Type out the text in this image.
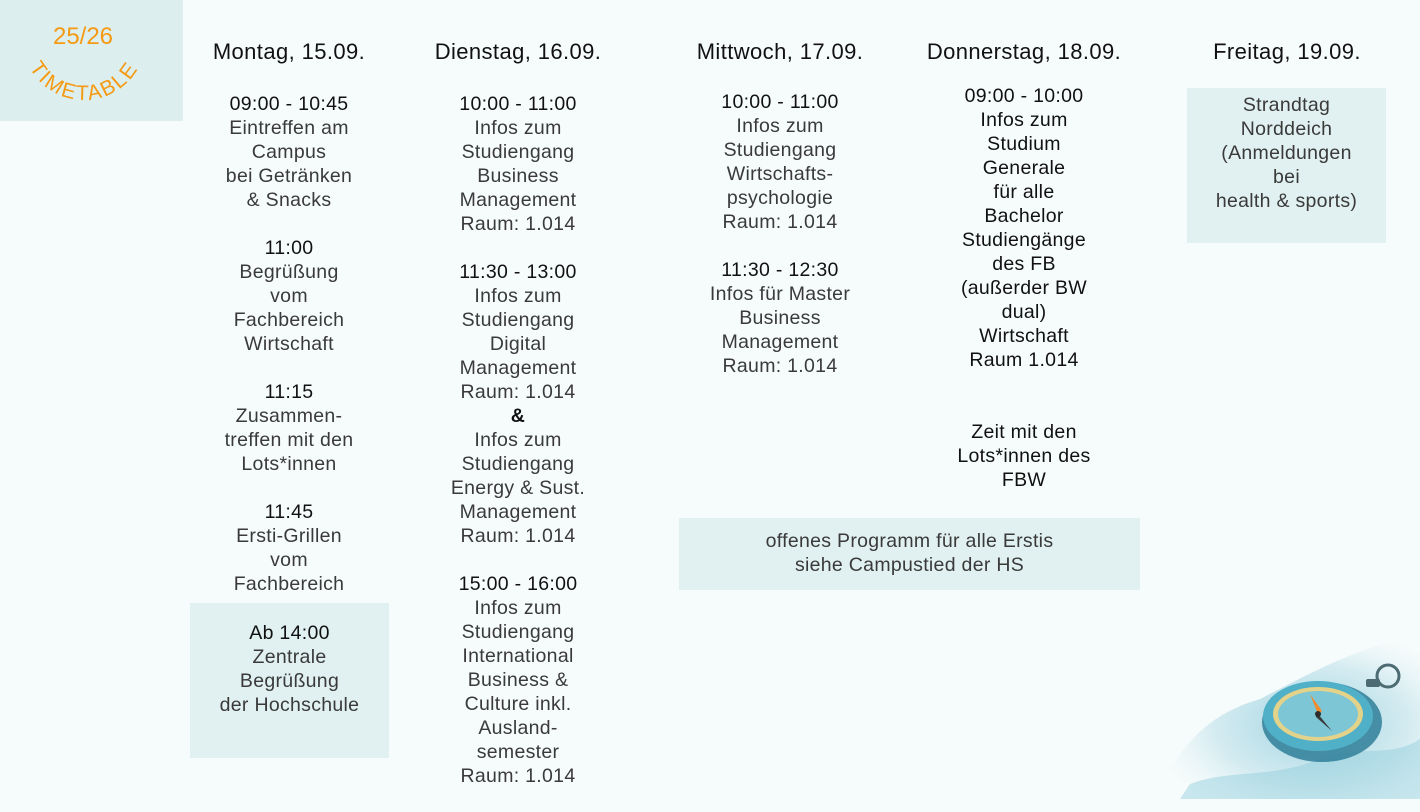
25/26
TIMETABLE
Montag, 15.09.
09:00 - 10:45
Eintreffen am
Campus
bei Getränken
& Snacks
11:00
Begrüßung
vom
Fachbereich
Wirtschaft
11:15
Zusammen-
treffen mit den
Lots*innen
11:45
Ersti-Grillen
vom
Fachbereich
Ab 14:00
Zentrale
Begrüßung
der Hochschule
Dienstag, 16.09.
10:00 - 11:00
Infos zum
Studiengang
Business
Management
Raum: 1.014
11:30 - 13:00
Infos zum
Studiengang
Digital
Management
Raum: 1.014
&
Infos zum
Studiengang
Energy & Sust.
Management
Raum: 1.014
15:00 - 16:00
Infos zum
Studiengang
International
Business &
Culture inkl.
Ausland-
semester
Raum: 1.014
Mittwoch, 17.09.
10:00 - 11:00
Infos zum
Studiengang
Wirtschafts-
psychologie
Raum: 1.014
11:30 - 12:30
Infos für Master
Business
Management
Raum: 1.014
Donnerstag, 18.09.
09:00 - 10:00
Infos zum
Studium
Generale
für alle
Bachelor
Studiengänge
des FB
(außerder BW
dual)
Wirtschaft
Raum 1.014
Zeit mit den
Lots*innen des
FBW
Freitag, 19.09.
Strandtag
Norddeich
(Anmeldungen
bei
health & sports)
offenes Programm für alle Erstis
siehe Campustied der HS
